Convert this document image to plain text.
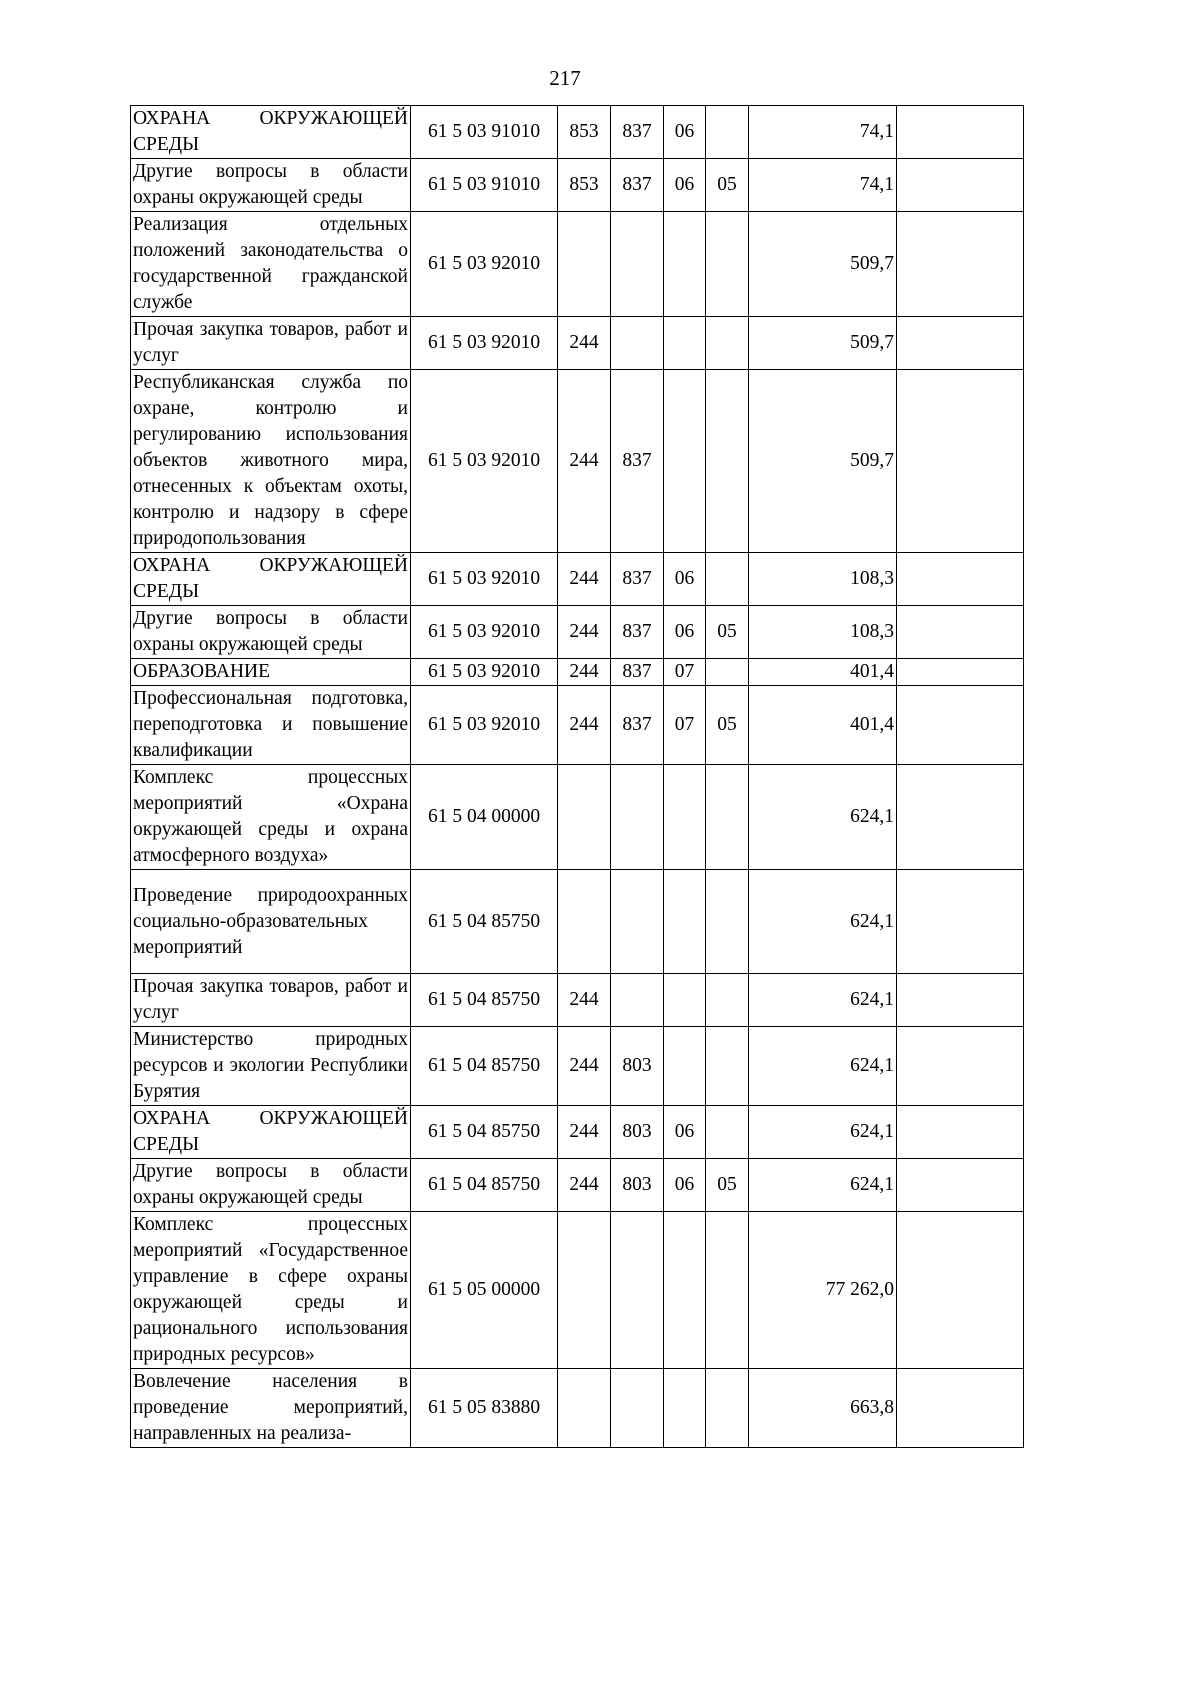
217
ОХРАНА ОКРУЖАЮЩЕЙ СРЕДЫ	61 5 03 91010	853	837	06		74,1	
Другие вопросы в области охраны окружающей среды	61 5 03 91010	853	837	06	05	74,1	
Реализация отдельных положений законодательства о государственной гражданской службе	61 5 03 92010					509,7	
Прочая закупка товаров, работ и услуг	61 5 03 92010	244				509,7	
Республиканская служба по охране, контролю и регулированию использования объектов животного мира, отнесенных к объектам охоты, контролю и надзору в сфере природопользования	61 5 03 92010	244	837			509,7	
ОХРАНА ОКРУЖАЮЩЕЙ СРЕДЫ	61 5 03 92010	244	837	06		108,3	
Другие вопросы в области охраны окружающей среды	61 5 03 92010	244	837	06	05	108,3	
ОБРАЗОВАНИЕ	61 5 03 92010	244	837	07		401,4	
Профессиональная подготовка, переподготовка и повышение квалификации	61 5 03 92010	244	837	07	05	401,4	
Комплекс процессных мероприятий «Охрана окружающей среды и охрана атмосферного воздуха»	61 5 04 00000					624,1	
Проведение природоохранных социально-образовательных мероприятий	61 5 04 85750					624,1	
Прочая закупка товаров, работ и услуг	61 5 04 85750	244				624,1	
Министерство природных ресурсов и экологии Республики Бурятия	61 5 04 85750	244	803			624,1	
ОХРАНА ОКРУЖАЮЩЕЙ СРЕДЫ	61 5 04 85750	244	803	06		624,1	
Другие вопросы в области охраны окружающей среды	61 5 04 85750	244	803	06	05	624,1	
Комплекс процессных мероприятий «Государственное управление в сфере охраны окружающей среды и рационального использования природных ресурсов»	61 5 05 00000					77 262,0	
Вовлечение населения в проведение мероприятий, направленных на реализа-	61 5 05 83880					663,8	
